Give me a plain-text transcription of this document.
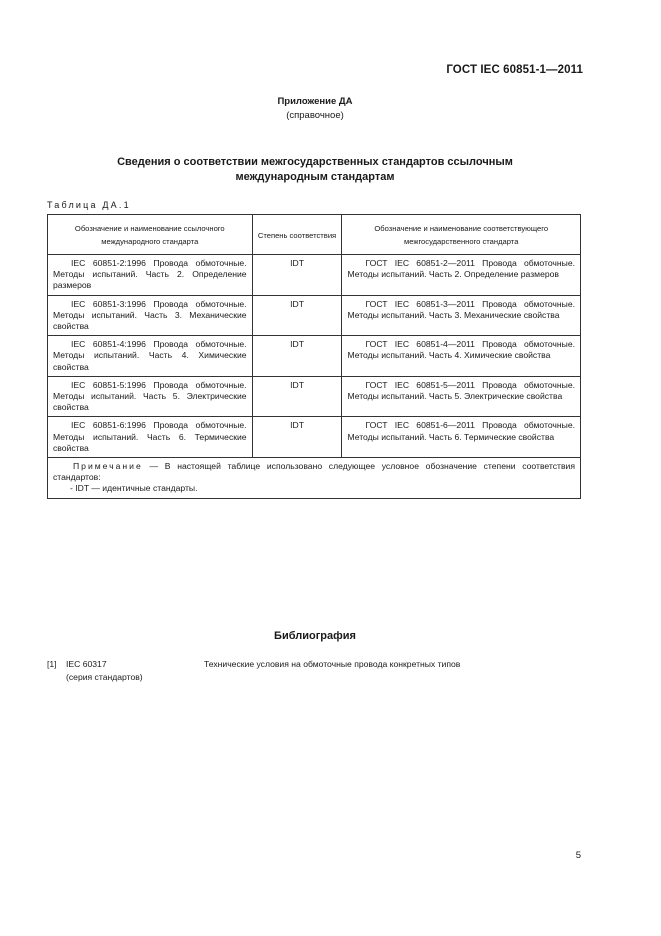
ГОСТ IEC 60851-1—2011
Приложение ДА
(справочное)
Сведения о соответствии межгосударственных стандартов ссылочным
международным стандартам
Таблица ДА.1
Обозначение и наименование ссылочного международного стандарта	Степень соответствия	Обозначение и наименование соответствующего межгосударственного стандарта
IEC 60851-2:1996 Провода обмоточные. Методы испытаний. Часть 2. Определение размеров	IDT	ГОСТ IEC 60851-2—2011 Провода обмоточные. Методы испытаний. Часть 2. Определение размеров
IEC 60851-3:1996 Провода обмоточные. Методы испытаний. Часть 3. Механические свойства	IDT	ГОСТ IEC 60851-3—2011 Провода обмоточные. Методы испытаний. Часть 3. Механические свойства
IEC 60851-4:1996 Провода обмоточные. Методы испытаний. Часть 4. Химические свойства	IDT	ГОСТ IEC 60851-4—2011 Провода обмоточные. Методы испытаний. Часть 4. Химические свойства
IEC 60851-5:1996 Провода обмоточные. Методы испытаний. Часть 5. Электрические свойства	IDT	ГОСТ IEC 60851-5—2011 Провода обмоточные. Методы испытаний. Часть 5. Электрические свойства
IEC 60851-6:1996 Провода обмоточные. Методы испытаний. Часть 6. Термические свойства	IDT	ГОСТ IEC 60851-6—2011 Провода обмоточные. Методы испытаний. Часть 6. Термические свойства

Примечание — В настоящей таблице использовано следующее условное обозначение степени соответствия стандартов:
- IDT — идентичные стандарты.		
Библиография
[1] IEC 60317
(серия стандартов)
Технические условия на обмоточные провода конкретных типов
5
